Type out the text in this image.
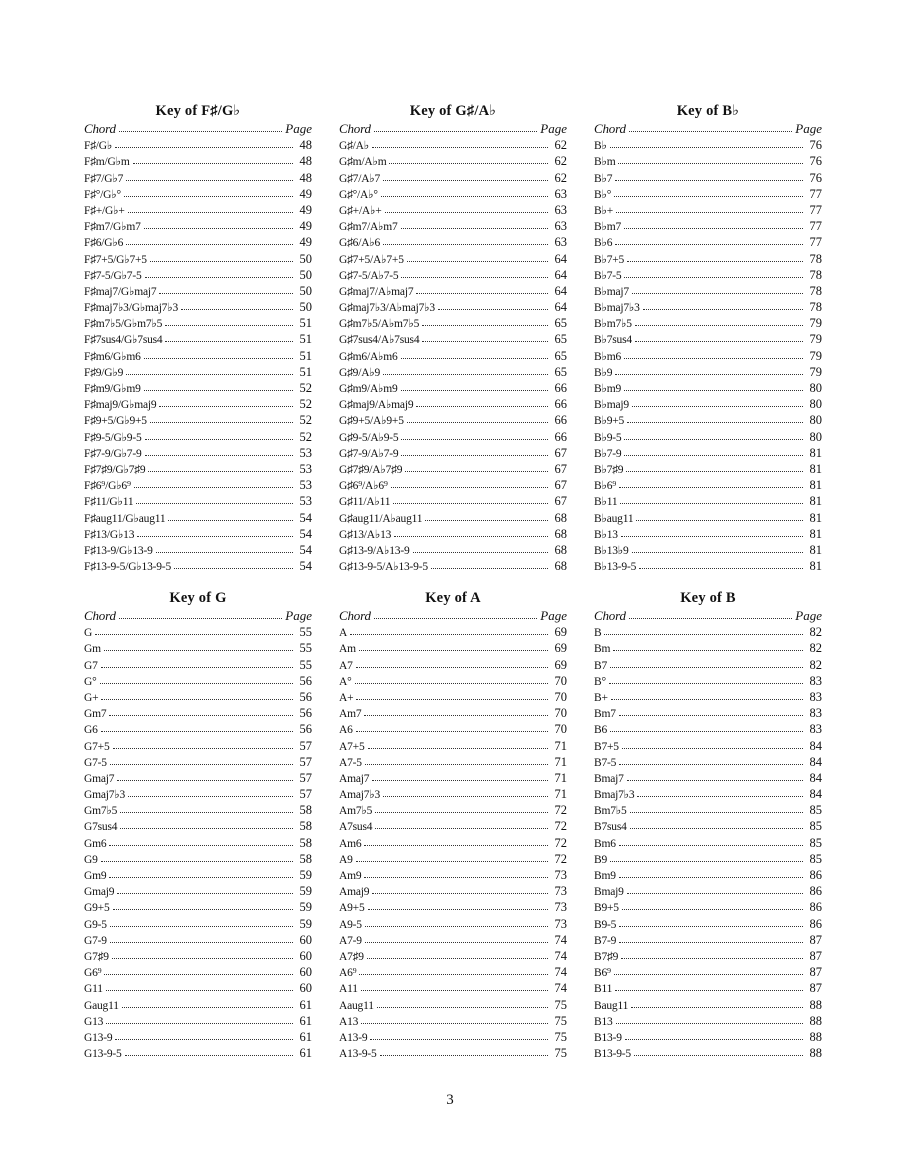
Key of F♯/G♭
Chord	Page
F♯/G♭	48
F♯m/G♭m	48
F♯7/G♭7	48
F♯°/G♭°	49
F♯+/G♭+	49
F♯m7/G♭m7	49
F♯6/G♭6	49
F♯7+5/G♭7+5	50
F♯7-5/G♭7-5	50
F♯maj7/G♭maj7	50
F♯maj7♭3/G♭maj7♭3	50
F♯m7♭5/G♭m7♭5	51
F♯7sus4/G♭7sus4	51
F♯m6/G♭m6	51
F♯9/G♭9	51
F♯m9/G♭m9	52
F♯maj9/G♭maj9	52
F♯9+5/G♭9+5	52
F♯9-5/G♭9-5	52
F♯7-9/G♭7-9	53
F♯7♯9/G♭7♯9	53
F♯6⁹/G♭6⁹	53
F♯11/G♭11	53
F♯aug11/G♭aug11	54
F♯13/G♭13	54
F♯13-9/G♭13-9	54
F♯13-9-5/G♭13-9-5	54
Key of G♯/A♭
Chord	Page
G♯/A♭	62
G♯m/A♭m	62
G♯7/A♭7	62
G♯°/A♭°	63
G♯+/A♭+	63
G♯m7/A♭m7	63
G♯6/A♭6	63
G♯7+5/A♭7+5	64
G♯7-5/A♭7-5	64
G♯maj7/A♭maj7	64
G♯maj7♭3/A♭maj7♭3	64
G♯m7♭5/A♭m7♭5	65
G♯7sus4/A♭7sus4	65
G♯m6/A♭m6	65
G♯9/A♭9	65
G♯m9/A♭m9	66
G♯maj9/A♭maj9	66
G♯9+5/A♭9+5	66
G♯9-5/A♭9-5	66
G♯7-9/A♭7-9	67
G♯7♯9/A♭7♯9	67
G♯6⁹/A♭6⁹	67
G♯11/A♭11	67
G♯aug11/A♭aug11	68
G♯13/A♭13	68
G♯13-9/A♭13-9	68
G♯13-9-5/A♭13-9-5	68
Key of B♭
Chord	Page
B♭	76
B♭m	76
B♭7	76
B♭°	77
B♭+	77
B♭m7	77
B♭6	77
B♭7+5	78
B♭7-5	78
B♭maj7	78
B♭maj7♭3	78
B♭m7♭5	79
B♭7sus4	79
B♭m6	79
B♭9	79
B♭m9	80
B♭maj9	80
B♭9+5	80
B♭9-5	80
B♭7-9	81
B♭7♯9	81
B♭6⁹	81
B♭11	81
B♭aug11	81
B♭13	81
B♭13♭9	81
B♭13-9-5	81
Key of G
Chord	Page
G	55
Gm	55
G7	55
G°	56
G+	56
Gm7	56
G6	56
G7+5	57
G7-5	57
Gmaj7	57
Gmaj7♭3	57
Gm7♭5	58
G7sus4	58
Gm6	58
G9	58
Gm9	59
Gmaj9	59
G9+5	59
G9-5	59
G7-9	60
G7♯9	60
G6⁹	60
G11	60
Gaug11	61
G13	61
G13-9	61
G13-9-5	61
Key of A
Chord	Page
A	69
Am	69
A7	69
A°	70
A+	70
Am7	70
A6	70
A7+5	71
A7-5	71
Amaj7	71
Amaj7♭3	71
Am7♭5	72
A7sus4	72
Am6	72
A9	72
Am9	73
Amaj9	73
A9+5	73
A9-5	73
A7-9	74
A7♯9	74
A6⁹	74
A11	74
Aaug11	75
A13	75
A13-9	75
A13-9-5	75
Key of B
Chord	Page
B	82
Bm	82
B7	82
B°	83
B+	83
Bm7	83
B6	83
B7+5	84
B7-5	84
Bmaj7	84
Bmaj7♭3	84
Bm7♭5	85
B7sus4	85
Bm6	85
B9	85
Bm9	86
Bmaj9	86
B9+5	86
B9-5	86
B7-9	87
B7♯9	87
B6⁹	87
B11	87
Baug11	88
B13	88
B13-9	88
B13-9-5	88
3
